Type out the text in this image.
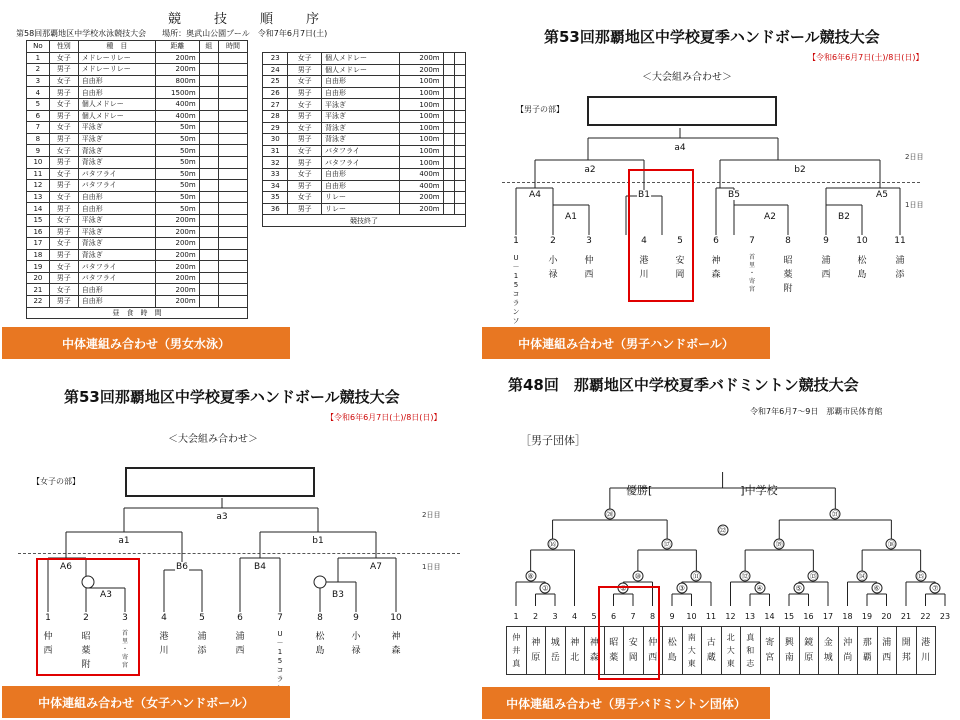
競　技　順　序
第58回那覇地区中学校水泳競技大会　　場所：奥武山公園プール　令和7年6月7日(土)
No	性別	種　目	距離	組	時間
1	女子	メドレーリレー	200m		
2	男子	メドレーリレー	200m		
3	女子	自由形	800m		
4	男子	自由形	1500m		
5	女子	個人メドレー	400m		
6	男子	個人メドレー	400m		
7	女子	平泳ぎ	50m		
8	男子	平泳ぎ	50m		
9	女子	背泳ぎ	50m		
10	男子	背泳ぎ	50m		
11	女子	バタフライ	50m		
12	男子	バタフライ	50m		
13	女子	自由形	50m		
14	男子	自由形	50m		
15	女子	平泳ぎ	200m		
16	男子	平泳ぎ	200m		
17	女子	背泳ぎ	200m		
18	男子	背泳ぎ	200m		
19	女子	バタフライ	200m		
20	男子	バタフライ	200m		
21	女子	自由形	200m		
22	男子	自由形	200m		
昼　食　時　間					
23	女子	個人メドレー	200m		
24	男子	個人メドレー	200m		
25	女子	自由形	100m		
26	男子	自由形	100m		
27	女子	平泳ぎ	100m		
28	男子	平泳ぎ	100m		
29	女子	背泳ぎ	100m		
30	男子	背泳ぎ	100m		
31	女子	バタフライ	100m		
32	男子	バタフライ	100m		
33	女子	自由形	400m		
34	男子	自由形	400m		
35	女子	リレー	200m		
36	男子	リレー	200m		
競技終了					
中体連組み合わせ（男女水泳）
第53回那覇地区中学校夏季ハンドボール競技大会
【令和6年6月7日(土)/8日(日)】
＜大会組み合わせ＞
【男子の部】
2日目
1日目
a4
a2	b2
A4	B1	B5	A5
A1	A2	B2
1
U
－
1
5
コ
ラ
ン
ソ

2
小
禄
3
仲
西
4
港
川
5
安
岡
6
神
森
7
首
里
・
寄
宮
8
昭
薬
附
9
浦
西
10
松
島
11
浦
添
中体連組み合わせ（男子ハンドボール）
第53回那覇地区中学校夏季ハンドボール競技大会
【令和6年6月7日(土)/8日(日)】
＜大会組み合わせ＞
【女子の部】
2日目
1日目
a3
a1	b1
A6	B6	B4	A7
A3	B3
1
仲
西
2
昭
薬
附
3
首
里
・
寄
宮
4
港
川
5
浦
添
6
浦
西
7
U
－
1
5
コ
ラ

8
松
島
9
小
禄
10
神
森
中体連組み合わせ（女子ハンドボール）
第48回　那覇地区中学校夏季バドミントン競技大会
令和7年6月7～9日　那覇市民体育館
［男子団体］
優勝[　　　　　　　　]中学校
①	②	③	④	⑤	⑥	⑦
⑧	⑩	⑪	⑫	⑬	⑭	⑮
⑯	⑰	⑲	⑱
⑳	㉑
㉒
1 2 3 4 5 6 7 8 9 10 11 12 13 14 15 16 17 18 19 20 21 22 23
仲
井
真	神
原	城
岳	神
北	神
森	昭
薬	安
岡	仲
西	松
島	南
大
東	古
蔵	北
大
東	真
和
志	寄
宮	興
南	鏡
原	金
城	沖
尚	那
覇	浦
西	開
邦	港
川
中体連組み合わせ（男子バドミントン団体）
